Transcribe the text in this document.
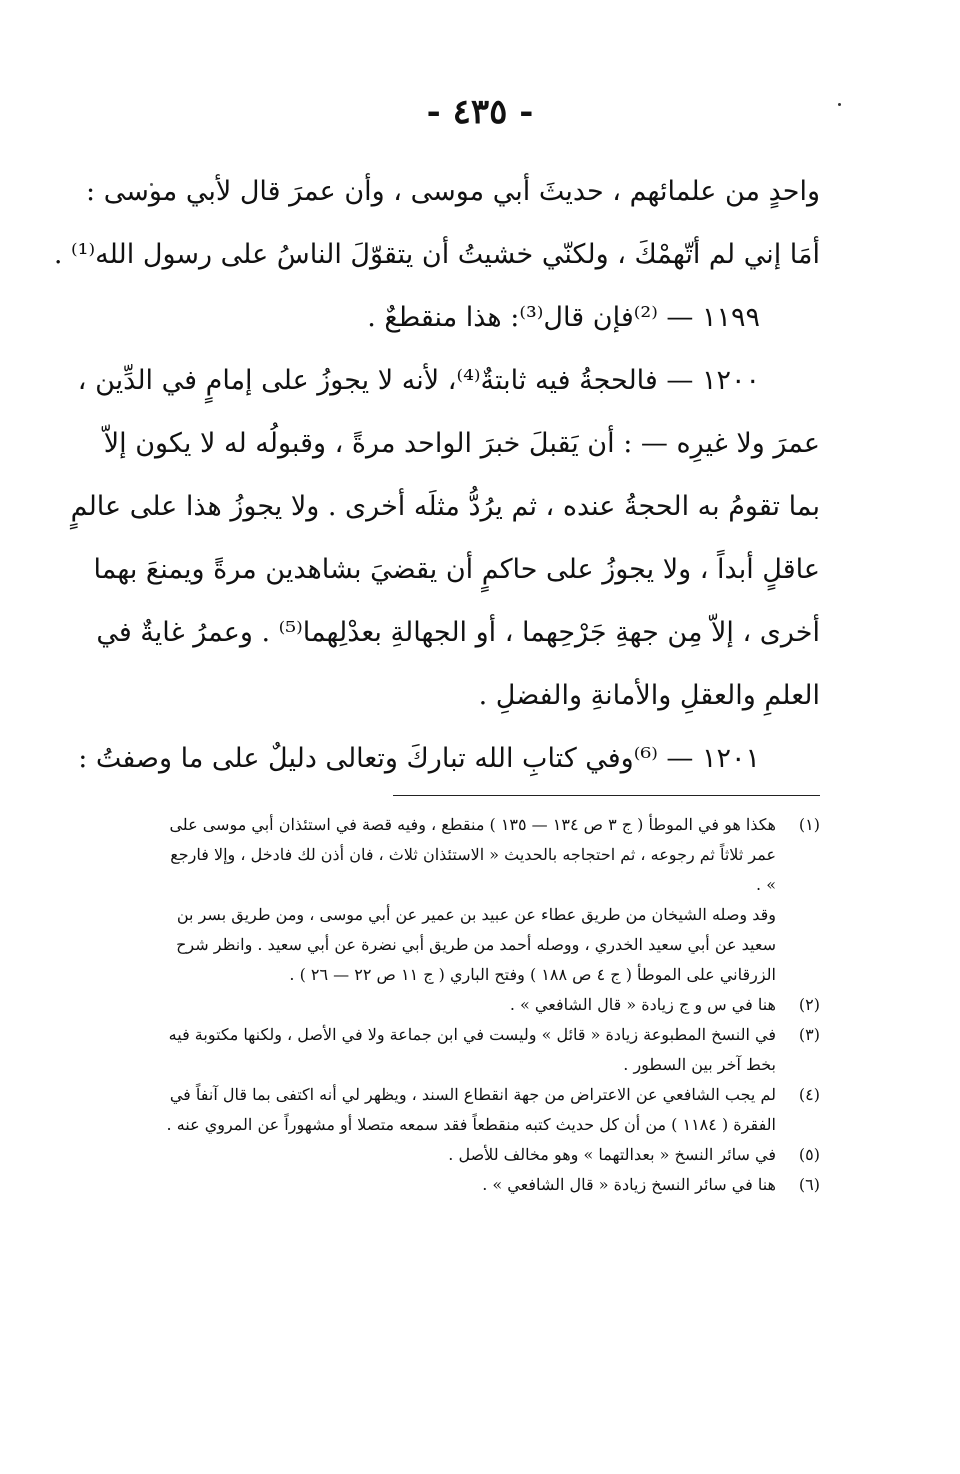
- ٤٣٥ -
واحدٍ من علمائهم ، حديثَ أبي موسى ، وأن عمرَ قال لأبي موسى :
أمَا إني لم أتّهمْكَ ، ولكنّي خشيتُ أن يتقوّلَ الناسُ على رسول الله⁽¹⁾ .
١١٩٩ — ⁽²⁾فإن قال⁽³⁾: هذا منقطعٌ .
١٢٠٠ — فالحجةُ فيه ثابتةٌ⁽⁴⁾، لأنه لا يجوزُ على إمامٍ في الدِّين ،
عمرَ ولا غيرِه — : أن يَقبلَ خبرَ الواحد مرةً ، وقبولُه له لا يكون إلاّ
بما تقومُ به الحجةُ عنده ، ثم يرُدُّ مثلَه أخرى . ولا يجوزُ هذا على عالمٍ
عاقلٍ أبداً ، ولا يجوزُ على حاكمٍ أن يقضيَ بشاهدين مرةً ويمنعَ بهما
أخرى ، إلاّ مِن جهةِ جَرْحِهما ، أو الجهالةِ بعدْلِهما⁽⁵⁾ . وعمرُ غايةٌ في
العلمِ والعقلِ والأمانةِ والفضلِ .
١٢٠١ — ⁽⁶⁾وفي كتابِ الله تباركَ وتعالى دليلٌ على ما وصفتُ :
(١)

هكذا هو في الموطأ ( ج ٣ ص ١٣٤ — ١٣٥ ) منقطع ، وفيه قصة في استئذان أبي موسى على عمر ثلاثاً ثم رجوعه ، ثم احتجاجه بالحديث « الاستئذان ثلاث ، فان أذن لك فادخل ، وإلا فارجع » .

وقد وصله الشيخان من طريق عطاء عن عبيد بن عمير عن أبي موسى ، ومن طريق بسر بن سعيد عن أبي سعيد الخدري ، ووصله أحمد من طريق أبي نضرة عن أبي سعيد . وانظر شرح الزرقاني على الموطأ ( ج ٤ ص ١٨٨ ) وفتح الباري ( ج ١١ ص ٢٢ — ٢٦ ) .

(٢)

هنا في س و ج زيادة « قال الشافعي » .

(٣)

في النسخ المطبوعة زيادة « قائل » وليست في ابن جماعة ولا في الأصل ، ولكنها مكتوبة فيه بخط آخر بين السطور .

(٤)

لم يجب الشافعي عن الاعتراض من جهة انقطاع السند ، ويظهر لي أنه اكتفى بما قال آنفاً في الفقرة ( ١١٨٤ ) من أن كل حديث كتبه منقطعاً فقد سمعه متصلا أو مشهوراً عن المروي عنه .

(٥)

في سائر النسخ « بعدالتهما » وهو مخالف للأصل .

(٦)

هنا في سائر النسخ زيادة « قال الشافعي » .
